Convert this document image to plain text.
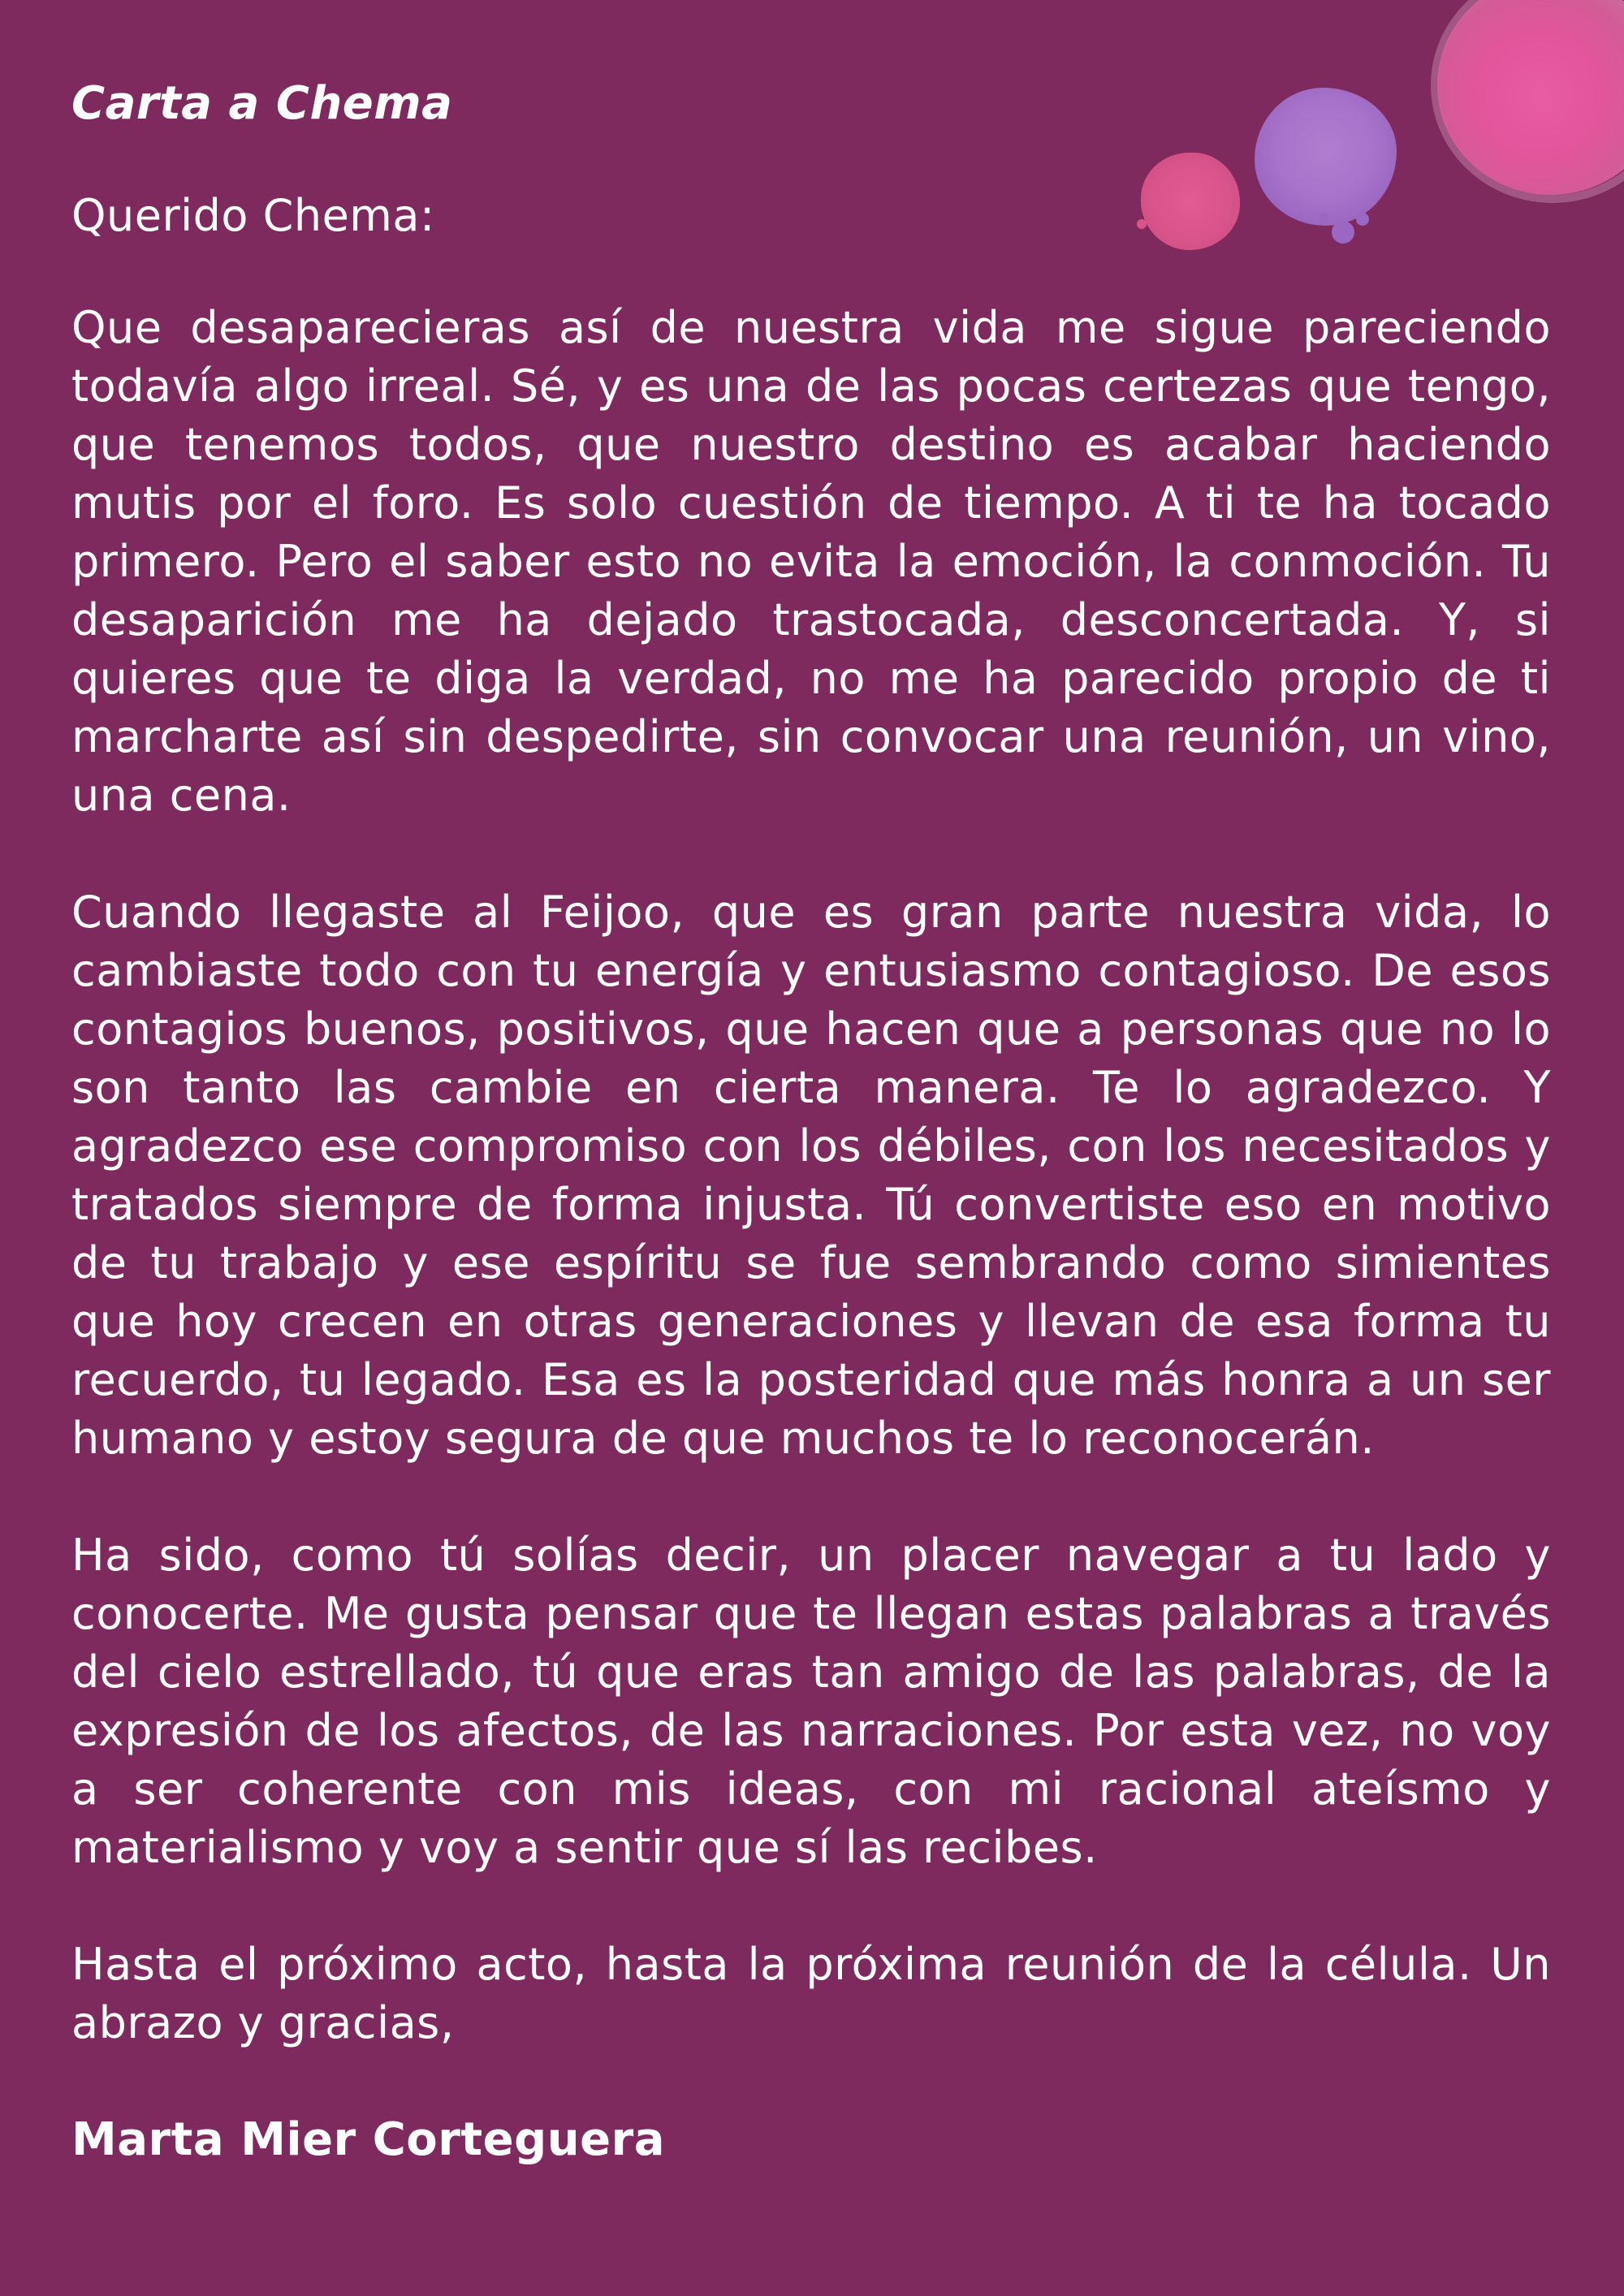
Carta a Chema

Querido Chema:

Que desaparecieras así de nuestra vida me sigue pareciendo todavía algo irreal. Sé, y es una de las pocas certezas que tengo, que tenemos todos, que nuestro destino es acabar haciendo mutis por el foro. Es solo cuestión de tiempo. A ti te ha tocado primero. Pero el saber esto no evita la emoción, la conmoción. Tu desaparición me ha dejado trastocada, desconcertada. Y, si quieres que te diga la verdad, no me ha parecido propio de ti marcharte así sin despedirte, sin convocar una reunión, un vino, una cena.

Cuando llegaste al Feijoo, que es gran parte nuestra vida, lo cambiaste todo con tu energía y entusiasmo contagioso. De esos contagios buenos, positivos, que hacen que a personas que no lo son tanto las cambie en cierta manera. Te lo agradezco. Y agradezco ese compromiso con los débiles, con los necesitados y tratados siempre de forma injusta. Tú convertiste eso en motivo de tu trabajo y ese espíritu se fue sembrando como simientes que hoy crecen en otras generaciones y llevan de esa forma tu recuerdo, tu legado. Esa es la posteridad que más honra a un ser humano y estoy segura de que muchos te lo reconocerán.

Ha sido, como tú solías decir, un placer navegar a tu lado y conocerte. Me gusta pensar que te llegan estas palabras a través del cielo estrellado, tú que eras tan amigo de las palabras, de la expresión de los afectos, de las narraciones. Por esta vez, no voy a ser coherente con mis ideas, con mi racional ateísmo y materialismo y voy a sentir que sí las recibes.

Hasta el próximo acto, hasta la próxima reunión de la célula. Un abrazo y gracias,

Marta Mier Corteguera
